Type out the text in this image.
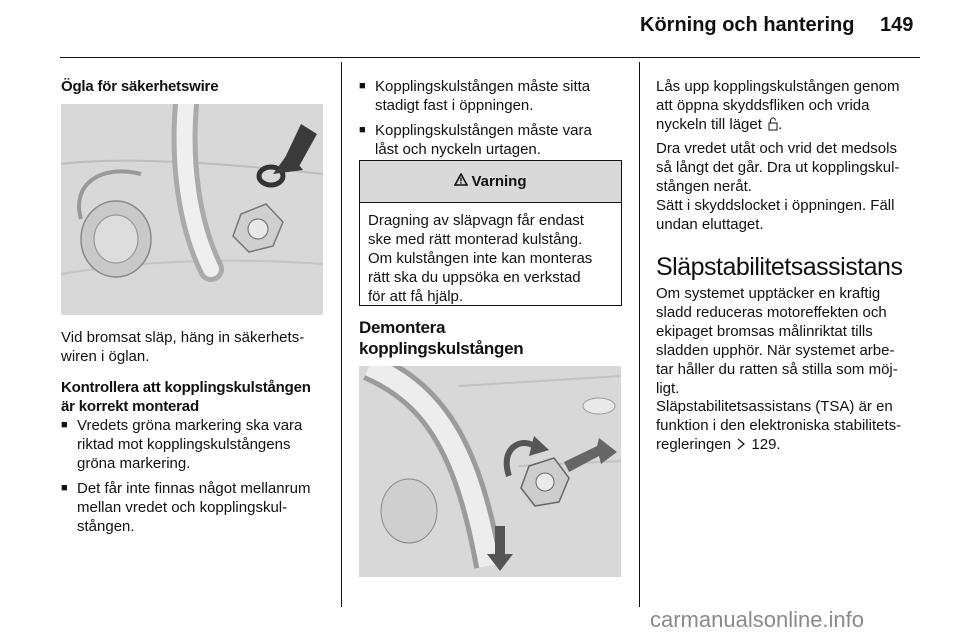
Körning och hantering 149
Ögla för säkerhetswire

Vid bromsat släp, häng in säkerhets-

wiren i öglan.

Kontrollera att kopplingskulstången
är korrekt monterad
■ Vredets gröna markering ska vara
riktad mot kopplingskulstångens
gröna markering.
■ Det får inte finnas något mellanrum
mellan vredet och kopplingskul-
stången.
■ Kopplingskulstången måste sitta
stadigt fast i öppningen.
■ Kopplingskulstången måste vara
låst och nyckeln urtagen.
Varning
Dragning av släpvagn får endast
ske med rätt monterad kulstång.
Om kulstången inte kan monteras
rätt ska du uppsöka en verkstad
för att få hjälp.
Demontera
kopplingskulstången

Lås upp kopplingskulstången genom

att öppna skyddsfliken och vrida

nyckeln till läget .

Dra vredet utåt och vrid det medsols

så långt det går. Dra ut kopplingskul-

stången neråt.

Sätt i skyddslocket i öppningen. Fäll

undan eluttaget.

Släpstabilitetsassistans

Om systemet upptäcker en kraftig

sladd reduceras motoreffekten och

ekipaget bromsas målinriktat tills

sladden upphör. När systemet arbe-

tar håller du ratten så stilla som möj-

ligt.

Släpstabilitetsassistans (TSA) är en

funktion i den elektroniska stabilitets-

regleringen 129.

carmanualsonline.info
